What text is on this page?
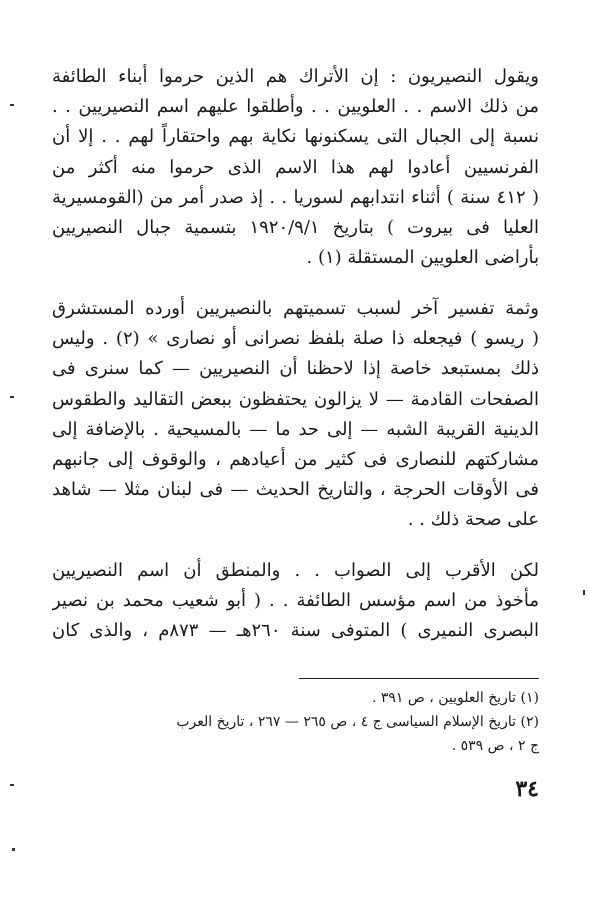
ويقول النصيريون : إن الأتراك هم الذين حرموا أبناء الطائفة
من ذلك الاسم . . العلويين . . وأطلقوا عليهم اسم النصيريين . .
نسبة إلى الجبال التى يسكنونها نكاية بهم واحتقاراً لهم . . إلا أن
الفرنسيين أعادوا لهم هذا الاسم الذى حرموا منه أكثر من
( ٤١٢ سنة ) أثناء انتدابهم لسوريا . . إذ صدر أمر من (القومسيرية
العليا فى بيروت ) بتاريخ ١٩٢٠/٩/١ بتسمية جبال النصيريين
بأراضى العلويين المستقلة (١) .
وثمة تفسير آخر لسبب تسميتهم بالنصيريين أورده المستشرق
( ريسو ) فيجعله ذا صلة بلفظ نصرانى أو نصارى » (٢) . وليس
ذلك بمستبعد خاصة إذا لاحظنا أن النصيريين — كما سنرى فى
الصفحات القادمة — لا يزالون يحتفظون ببعض التقاليد والطقوس
الدينية القريبة الشبه — إلى حد ما — بالمسيحية . بالإضافة إلى
مشاركتهم للنصارى فى كثير من أعيادهم ، والوقوف إلى جانبهم
فى الأوقات الحرجة ، والتاريخ الحديث — فى لبنان مثلا — شاهد
على صحة ذلك . .
لكن الأقرب إلى الصواب . . والمنطق أن اسم النصيريين
مأخوذ من اسم مؤسس الطائفة . . ( أبو شعيب محمد بن نصير
البصرى النميرى ) المتوفى سنة ٢٦٠هـ — ٨٧٣م ، والذى كان
(١) تاريخ العلويين ، ص ٣٩١ .
(٢) تاريخ الإسلام السياسى ج ٤ ، ص ٢٦٥ — ٢٦٧ ، تاريخ العرب
ج ٢ ، ص ٥٣٩ .
٣٤
